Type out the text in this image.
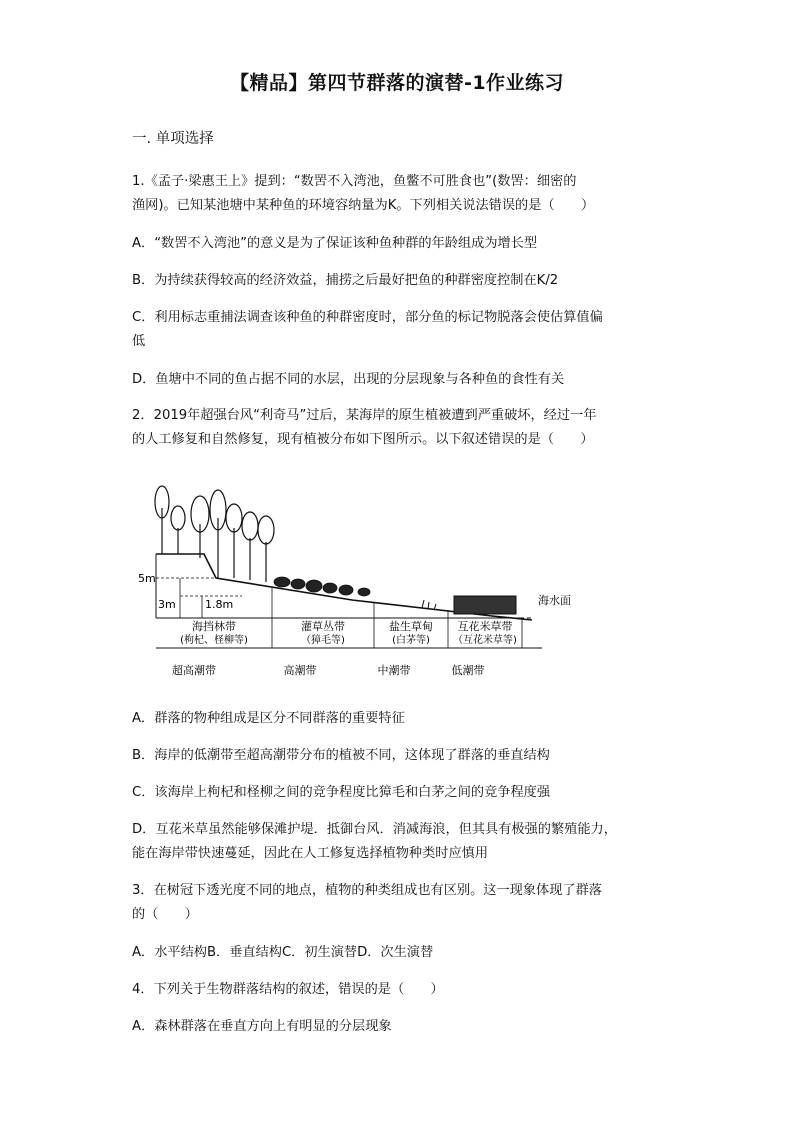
【精品】第四节群落的演替-1作业练习
一. 单项选择
1.《孟子·梁惠王上》提到：“数罟不入湾池，鱼鳖不可胜食也”(数罟：细密的
渔网)。已知某池塘中某种鱼的环境容纳量为K。下列相关说法错误的是（　　）
A．“数罟不入湾池”的意义是为了保证该种鱼种群的年龄组成为增长型
B．为持续获得较高的经济效益，捕捞之后最好把鱼的种群密度控制在K/2
C．利用标志重捕法调查该种鱼的种群密度时，部分鱼的标记物脱落会使估算值偏
低
D．鱼塘中不同的鱼占据不同的水层，出现的分层现象与各种鱼的食性有关
2．2019年超强台风“利奇马”过后，某海岸的原生植被遭到严重破坏，经过一年
的人工修复和自然修复，现有植被分布如下图所示。以下叙述错误的是（　　）
5m
3m	1.8m	海水面
海挡林带
(枸杞、柽柳等)
灌草丛带
（獐毛等)
盐生草甸
(白茅等)
互花米草带
（互花米草等)
超高潮带	高潮带	中潮带	低潮带
A．群落的物种组成是区分不同群落的重要特征
B．海岸的低潮带至超高潮带分布的植被不同，这体现了群落的垂直结构
C．该海岸上枸杞和柽柳之间的竞争程度比獐毛和白茅之间的竞争程度强
D．互花米草虽然能够保滩护堤．抵御台风．消减海浪，但其具有极强的繁殖能力，
能在海岸带快速蔓延，因此在人工修复选择植物种类时应慎用
3．在树冠下透光度不同的地点，植物的种类组成也有区别。这一现象体现了群落
的（　　）
A．水平结构B．垂直结构C．初生演替D．次生演替
4．下列关于生物群落结构的叙述，错误的是（　　）
A．森林群落在垂直方向上有明显的分层现象
